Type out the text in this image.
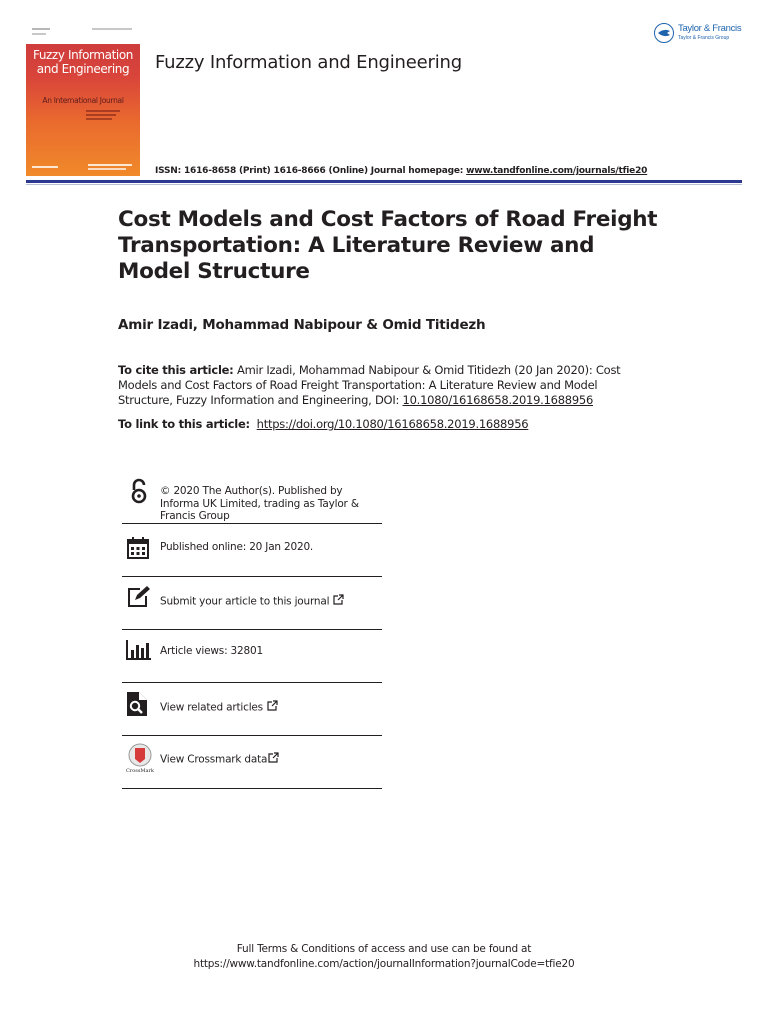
Fuzzy Information and Engineering
An International Journal
Fuzzy Information and Engineering
Taylor & Francis
Taylor & Francis Group
ISSN: 1616-8658 (Print) 1616-8666 (Online) Journal homepage: www.tandfonline.com/journals/tfie20
Cost Models and Cost Factors of Road Freight Transportation: A Literature Review and Model Structure
Amir Izadi, Mohammad Nabipour & Omid Titidezh
To cite this article: Amir Izadi, Mohammad Nabipour & Omid Titidezh (20 Jan 2020): Cost Models and Cost Factors of Road Freight Transportation: A Literature Review and Model Structure, Fuzzy Information and Engineering, DOI: 10.1080/16168658.2019.1688956
To link to this article: https://doi.org/10.1080/16168658.2019.1688956
© 2020 The Author(s). Published by Informa UK Limited, trading as Taylor & Francis Group
Published online: 20 Jan 2020.
Submit your article to this journal
Article views: 32801
View related articles
CrossMark
View Crossmark data
Full Terms & Conditions of access and use can be found at
https://www.tandfonline.com/action/journalInformation?journalCode=tfie20
